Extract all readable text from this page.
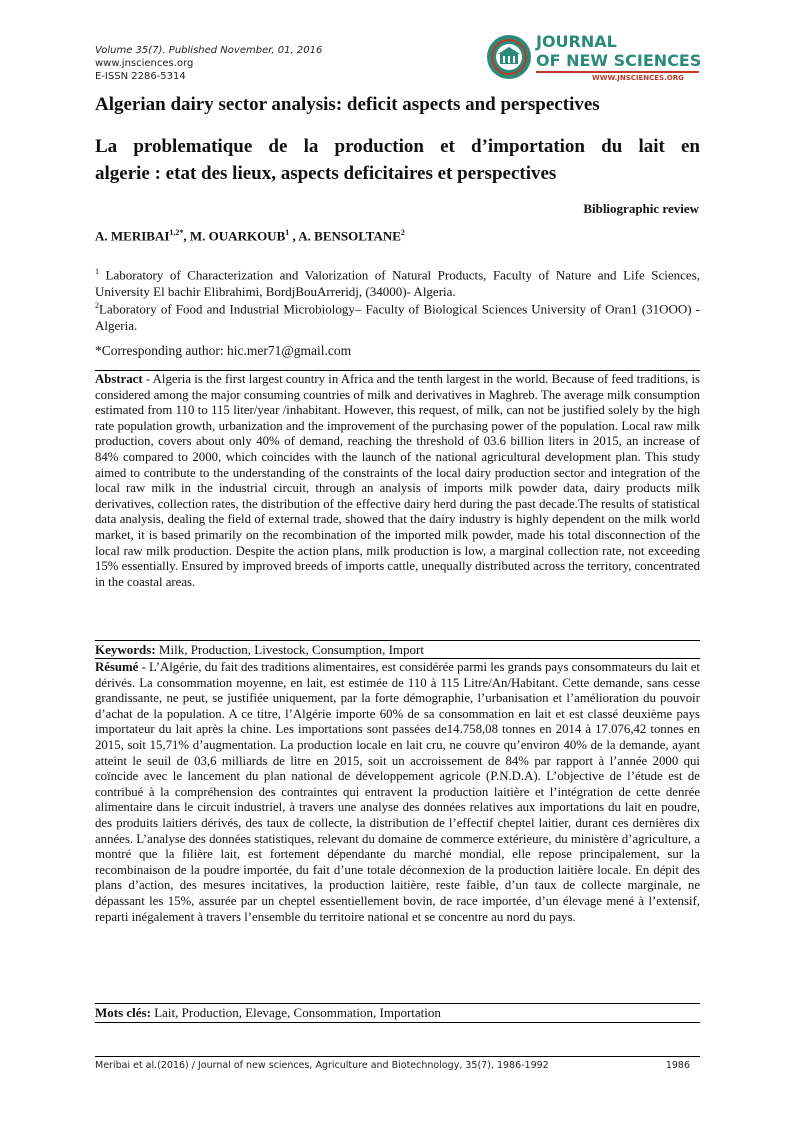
Volume 35(7). Published November, 01, 2016
www.jnsciences.org
E-ISSN 2286-5314
JOURNAL
OF NEW SCIENCES
WWW.JNSCIENCES.ORG
Algerian dairy sector analysis: deficit aspects and perspectives
La problematique de la production et d’importation du lait en
algerie : etat des lieux, aspects deficitaires et perspectives
Bibliographic review
A. $MERIBAI^{1,2*}$, M. OUARKOUB$^1$ , A. BENSOLTANE$^2$
$^1$ Laboratory of Characterization and Valorization of Natural Products, Faculty of Nature and Life Sciences, University El bachir Elibrahimi, BordjBouArreridj, (34000)- Algeria.
$^2$Laboratory of Food and Industrial Microbiology– Faculty of Biological Sciences University of Oran1 (31OOO) - Algeria.
*Corresponding author: hic.mer71@gmail.com
Abstract - Algeria is the first largest country in Africa and the tenth largest in the world. Because of feed traditions, is considered among the major consuming countries of milk and derivatives in Maghreb. The average milk consumption estimated from 110 to 115 liter/year /inhabitant. However, this request, of milk, can not be justified solely by the high rate population growth, urbanization and the improvement of the purchasing power of the population. Local raw milk production, covers about only 40% of demand, reaching the threshold of 03.6 billion liters in 2015, an increase of 84% compared to 2000, which coincides with the launch of the national agricultural development plan. This study aimed to contribute to the understanding of the constraints of the local dairy production sector and integration of the local raw milk in the industrial circuit, through an analysis of imports milk powder data, dairy products milk derivatives, collection rates, the distribution of the effective dairy herd during the past decade.The results of statistical data analysis, dealing the field of external trade, showed that the dairy industry is highly dependent on the milk world market, it is based primarily on the recombination of the imported milk powder, made his total disconnection of the local raw milk production. Despite the action plans, milk production is low, a marginal collection rate, not exceeding 15% essentially. Ensured by improved breeds of imports cattle, unequally distributed across the territory, concentrated in the coastal areas.
Keywords: Milk, Production, Livestock, Consumption, Import
Résumé - L’Algérie, du fait des traditions alimentaires, est considérée parmi les grands pays consommateurs du lait et dérivés. La consommation moyenne, en lait, est estimée de 110 à 115 Litre/An/Habitant. Cette demande, sans cesse grandissante, ne peut, se justifiée uniquement, par la forte démographie, l’urbanisation et l’amélioration du pouvoir d’achat de la population. A ce titre, l’Algérie importe 60% de sa consommation en lait et est classé deuxième pays importateur du lait après la chine. Les importations sont passées de14.758,08 tonnes en 2014 à 17.076,42 tonnes en 2015, soit 15,71% d’augmentation. La production locale en lait cru, ne couvre qu’environ 40% de la demande, ayant atteint le seuil de 03,6 milliards de litre en 2015, soit un accroissement de 84% par rapport à l’année 2000 qui coïncide avec le lancement du plan national de développement agricole (P.N.D.A). L’objective de l’étude est de contribué à la compréhension des contraintes qui entravent la production laitière et l’intégration de cette denrée alimentaire dans le circuit industriel, à travers une analyse des données relatives aux importations du lait en poudre, des produits laitiers dérivés, des taux de collecte, la distribution de l’effectif cheptel laitier, durant ces dernières dix années. L’analyse des données statistiques, relevant du domaine de commerce extérieure, du ministère d’agriculture, a montré que la filière lait, est fortement dépendante du marché mondial, elle repose principalement, sur la recombinaison de la poudre importée, du fait d’une totale déconnexion de la production laitière locale. En dépit des plans d’action, des mesures incitatives, la production laitière, reste faible, d’un taux de collecte marginale, ne dépassant les 15%, assurée par un cheptel essentiellement bovin, de race importée, d’un élevage mené à l’extensif, reparti inégalement à travers l’ensemble du territoire national et se concentre au nord du pays.
Mots clés: Lait, Production, Elevage, Consommation, Importation
Meribai et al.(2016) / Journal of new sciences, Agriculture and Biotechnology, 35(7), 1986-1992	1986
